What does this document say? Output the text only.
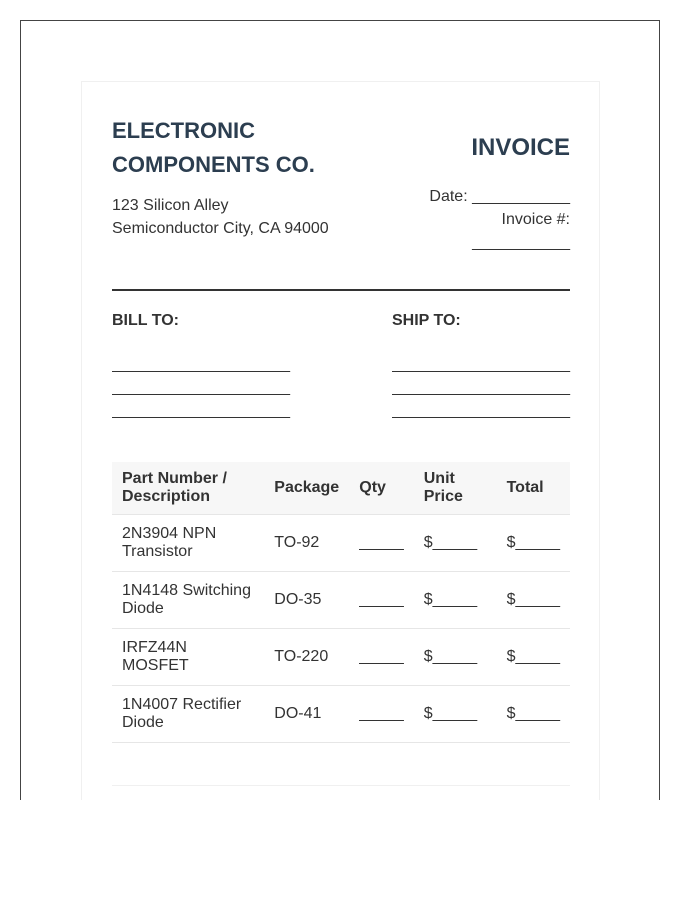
ELECTRONIC COMPONENTS CO.
123 Silicon Alley
Semiconductor City, CA 94000
INVOICE
Date: ___________
Invoice #:
___________
BILL TO:
____________________
____________________
____________________
SHIP TO:
____________________
____________________
____________________
Part Number / Description	Package	Qty	Unit Price	Total
2N3904 NPN Transistor	TO-92	_____	$_____	$_____
1N4148 Switching Diode	DO-35	_____	$_____	$_____
IRFZ44N MOSFET	TO-220	_____	$_____	$_____
1N4007 Rectifier Diode	DO-41	_____	$_____	$_____
